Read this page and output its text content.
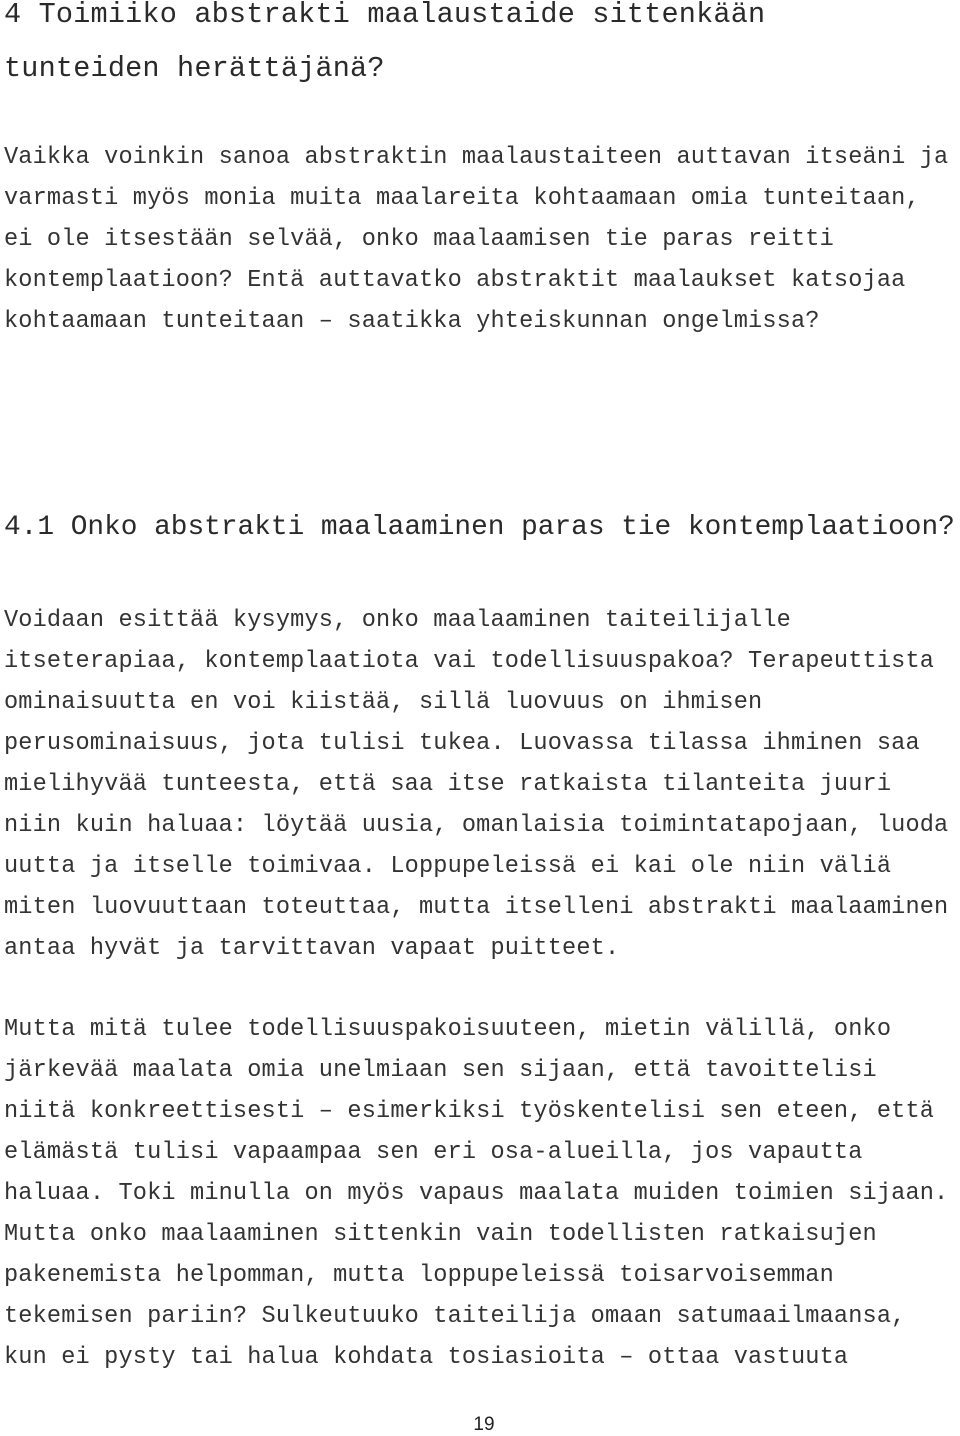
4 Toimiiko abstrakti maalaustaide sittenkään
tunteiden herättäjänä?
Vaikka voinkin sanoa abstraktin maalaustaiteen auttavan itseäni ja
varmasti myös monia muita maalareita kohtaamaan omia tunteitaan,
ei ole itsestään selvää, onko maalaamisen tie paras reitti
kontemplaatioon? Entä auttavatko abstraktit maalaukset katsojaa
kohtaamaan tunteitaan – saatikka yhteiskunnan ongelmissa?
4.1 Onko abstrakti maalaaminen paras tie kontemplaatioon?
Voidaan esittää kysymys, onko maalaaminen taiteilijalle
itseterapiaa, kontemplaatiota vai todellisuuspakoa? Terapeuttista
ominaisuutta en voi kiistää, sillä luovuus on ihmisen
perusominaisuus, jota tulisi tukea. Luovassa tilassa ihminen saa
mielihyvää tunteesta, että saa itse ratkaista tilanteita juuri
niin kuin haluaa: löytää uusia, omanlaisia toimintatapojaan, luoda
uutta ja itselle toimivaa. Loppupeleissä ei kai ole niin väliä
miten luovuuttaan toteuttaa, mutta itselleni abstrakti maalaaminen
antaa hyvät ja tarvittavan vapaat puitteet.
Mutta mitä tulee todellisuuspakoisuuteen, mietin välillä, onko
järkevää maalata omia unelmiaan sen sijaan, että tavoittelisi
niitä konkreettisesti – esimerkiksi työskentelisi sen eteen, että
elämästä tulisi vapaampaa sen eri osa-alueilla, jos vapautta
haluaa. Toki minulla on myös vapaus maalata muiden toimien sijaan.
Mutta onko maalaaminen sittenkin vain todellisten ratkaisujen
pakenemista helpomman, mutta loppupeleissä toisarvoisemman
tekemisen pariin? Sulkeutuuko taiteilija omaan satumaailmaansa,
kun ei pysty tai halua kohdata tosiasioita – ottaa vastuuta
19
